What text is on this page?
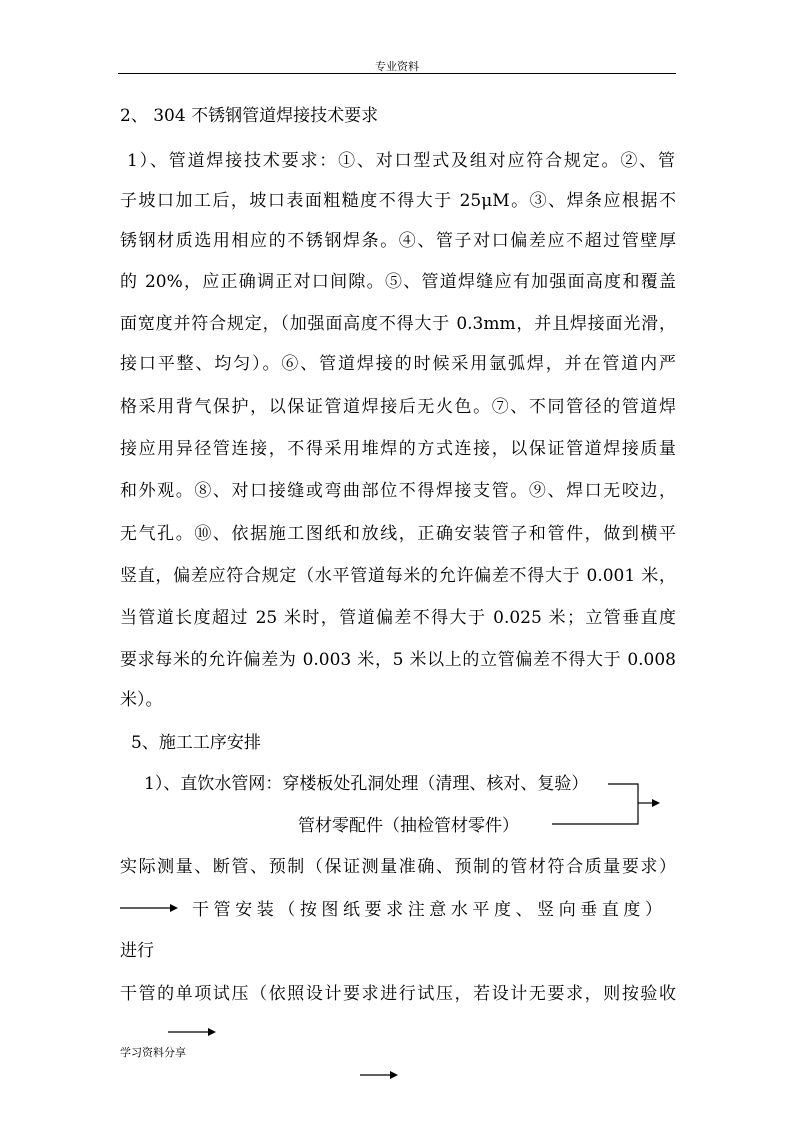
专业资料
2、 304 不锈钢管道焊接技术要求
1）、管道焊接技术要求：①、对口型式及组对应符合规定。②、管
子坡口加工后，坡口表面粗糙度不得大于 25μM。③、焊条应根据不
锈钢材质选用相应的不锈钢焊条。④、管子对口偏差应不超过管壁厚
的 20%，应正确调正对口间隙。⑤、管道焊缝应有加强面高度和覆盖
面宽度并符合规定，（加强面高度不得大于 0.3mm，并且焊接面光滑，
接口平整、均匀）。⑥、管道焊接的时候采用氩弧焊，并在管道内严
格采用背气保护，以保证管道焊接后无火色。⑦、不同管径的管道焊
接应用异径管连接，不得采用堆焊的方式连接，以保证管道焊接质量
和外观。⑧、对口接缝或弯曲部位不得焊接支管。⑨、焊口无咬边，
无气孔。⑩、依据施工图纸和放线，正确安装管子和管件，做到横平
竖直，偏差应符合规定（水平管道每米的允许偏差不得大于 0.001 米，
当管道长度超过 25 米时，管道偏差不得大于 0.025 米；立管垂直度
要求每米的允许偏差为 0.003 米，5 米以上的立管偏差不得大于 0.008
米）。
5、施工工序安排
1）、直饮水管网：穿楼板处孔洞处理（清理、核对、复验）
管材零配件（抽检管材零件）
实际测量、断管、预制（保证测量准确、预制的管材符合质量要求）
干管安装（按图纸要求注意水平度、竖向垂直度）
进行
干管的单项试压（依照设计要求进行试压，若设计无要求，则按验收
学习资料分享
